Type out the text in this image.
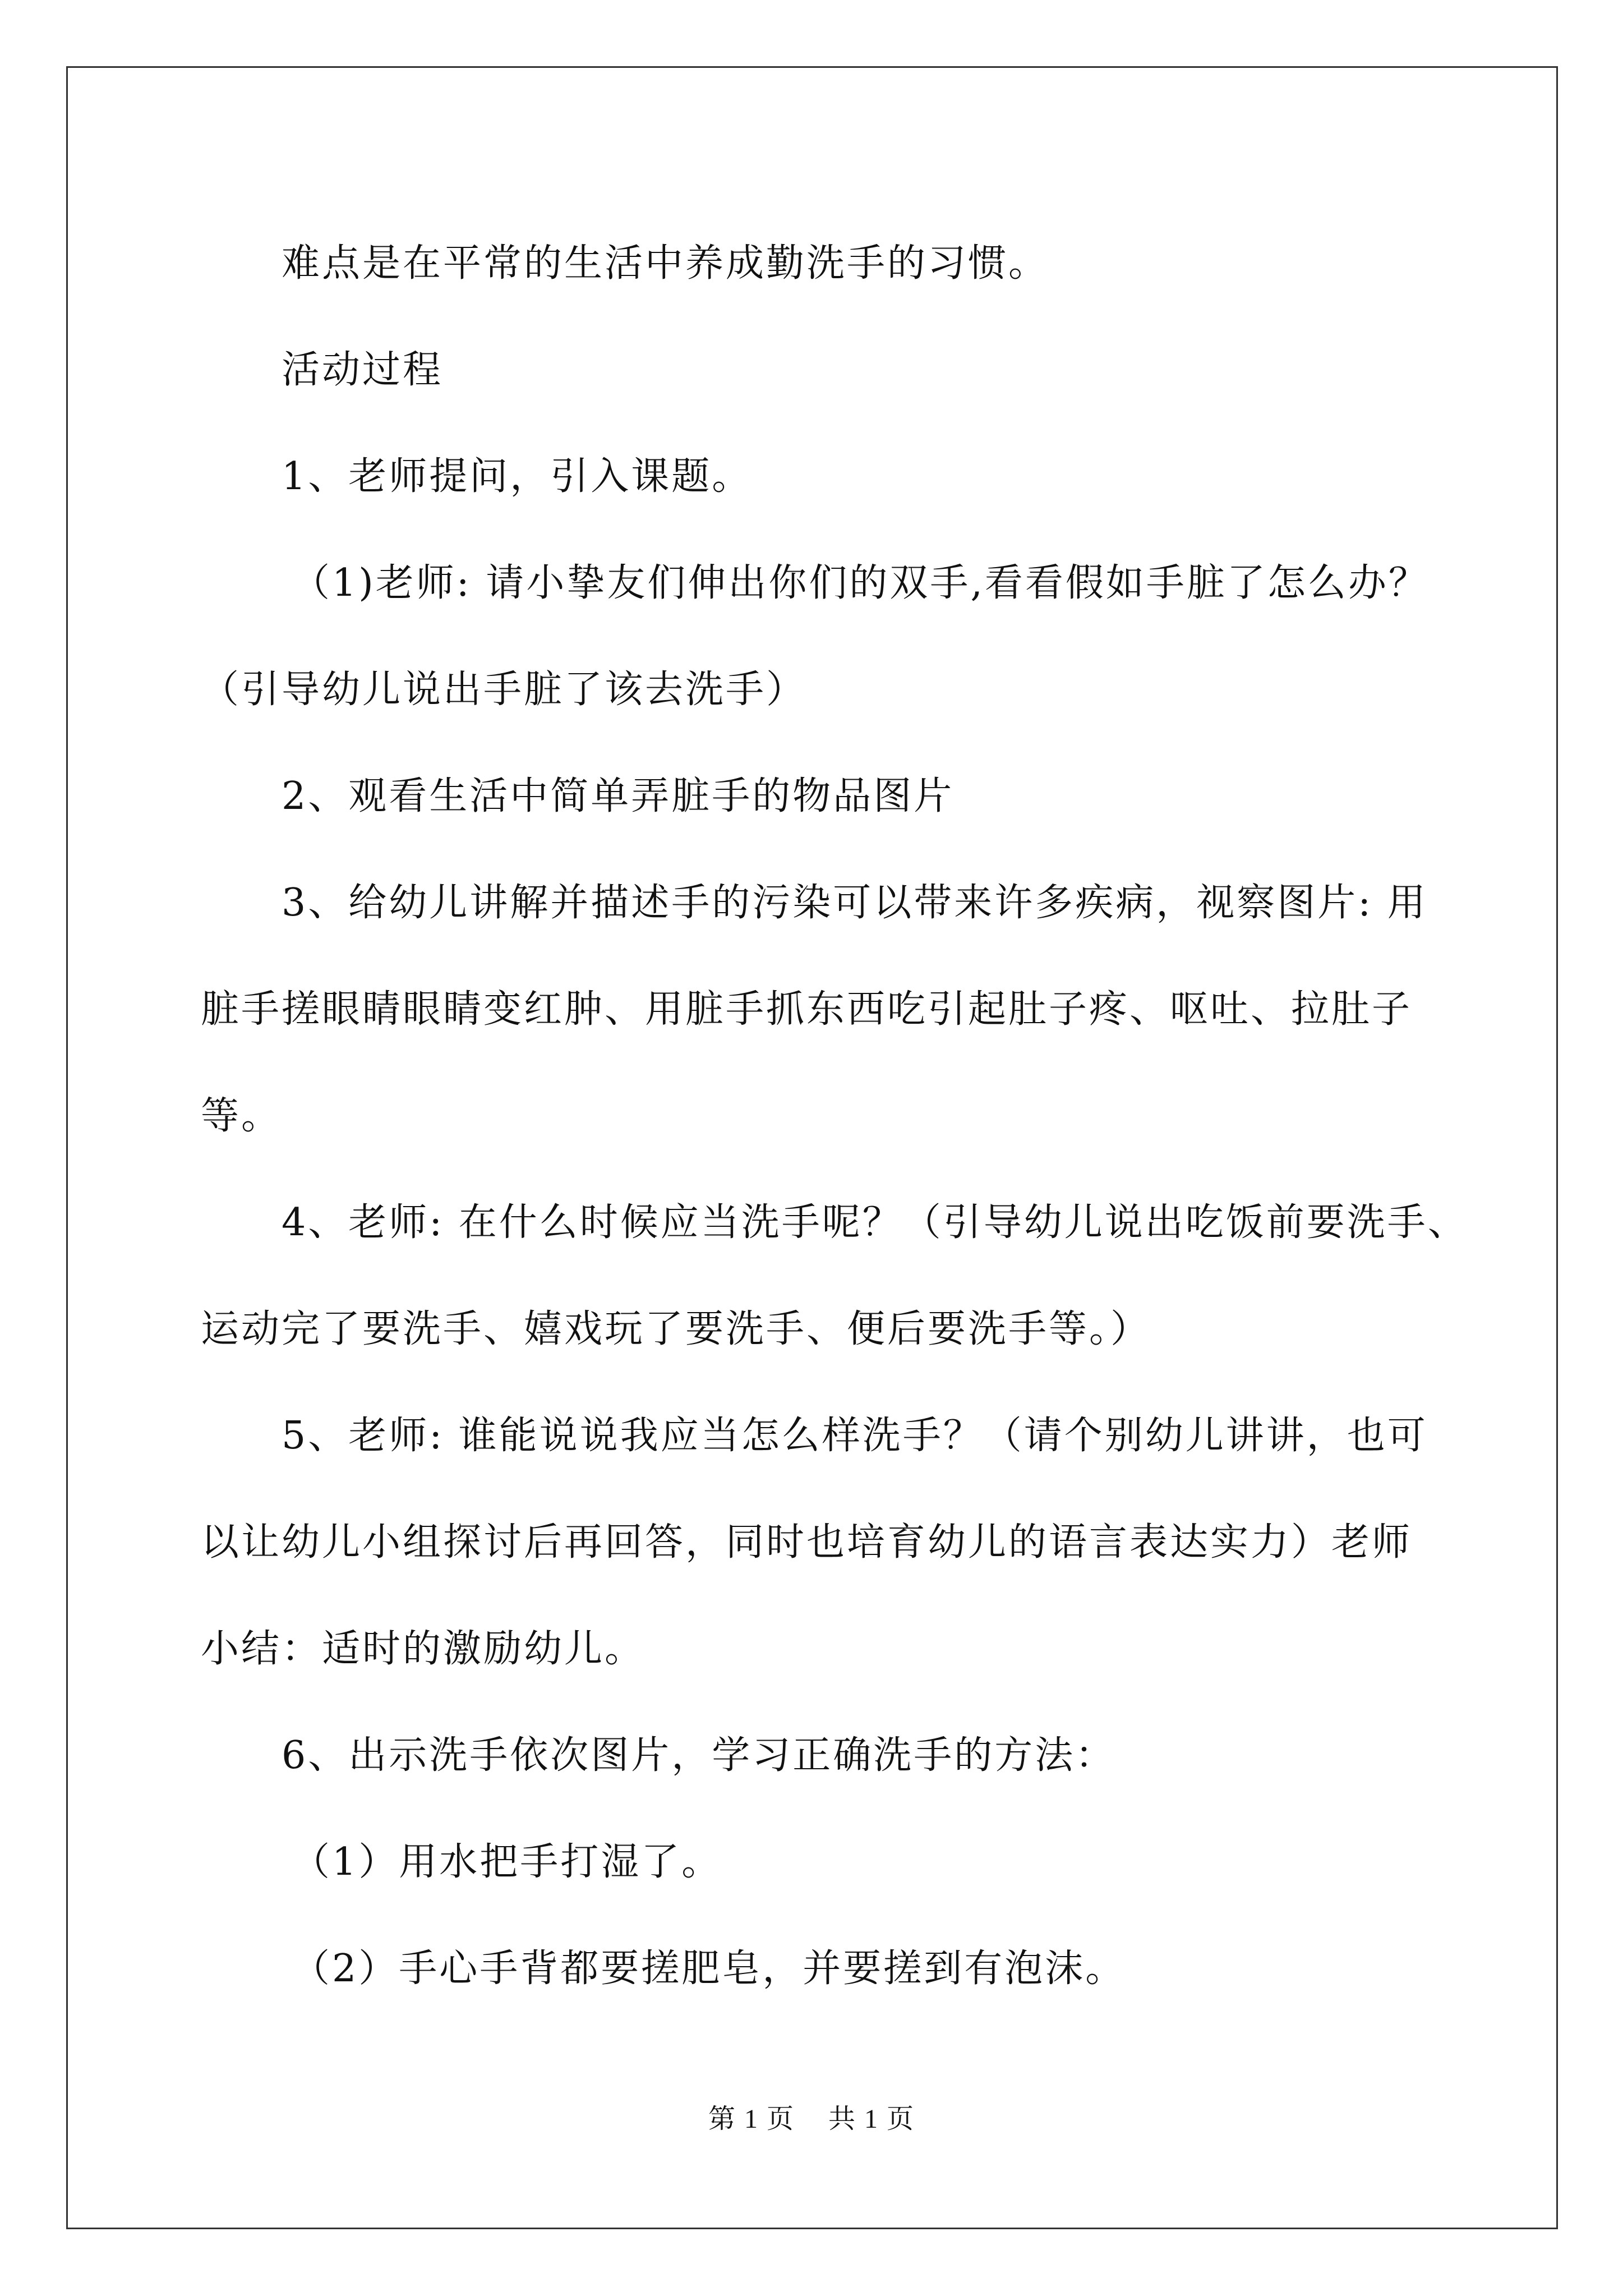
难点是在平常的生活中养成勤洗手的习惯。

活动过程

1、老师提问，引入课题。

（1)老师: 请小挚友们伸出你们的双手,看看假如手脏了怎么办？

（引导幼儿说出手脏了该去洗手）

2、观看生活中简单弄脏手的物品图片

3、给幼儿讲解并描述手的污染可以带来许多疾病，视察图片: 用

脏手搓眼睛眼睛变红肿、用脏手抓东西吃引起肚子疼、呕吐、拉肚子

等。

4、老师: 在什么时候应当洗手呢？（引导幼儿说出吃饭前要洗手、

运动完了要洗手、嬉戏玩了要洗手、便后要洗手等。）

5、老师: 谁能说说我应当怎么样洗手？（请个别幼儿讲讲，也可

以让幼儿小组探讨后再回答，同时也培育幼儿的语言表达实力）老师

小结：适时的激励幼儿。

6、出示洗手依次图片，学习正确洗手的方法：

（1）用水把手打湿了。

（2）手心手背都要搓肥皂，并要搓到有泡沫。

第 1 页 共 1 页
